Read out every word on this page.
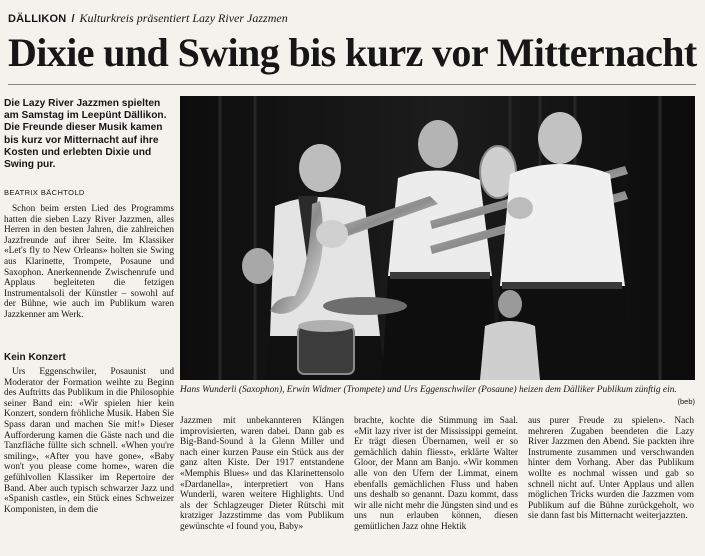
DÄLLIKON / Kulturkreis präsentiert Lazy River Jazzmen
Dixie und Swing bis kurz vor Mitternacht
Die Lazy River Jazzmen spielten am Samstag im Leepünt Dällikon. Die Freunde dieser Musik kamen bis kurz vor Mitternacht auf ihre Kosten und erlebten Dixie und Swing pur.
BEATRIX BÄCHTOLD

Schon beim ersten Lied des Programms hatten die sieben Lazy River Jazzmen, alles Herren in den besten Jahren, die zahlreichen Jazzfreunde auf ihrer Seite. Im Klassiker «Let's fly to New Orleans» holten sie Swing aus Klarinette, Trompete, Posaune und Saxophon. Anerkennende Zwischenrufe und Applaus begleiteten die fetzigen Instrumentalsoli der Künstler – sowohl auf der Bühne, wie auch im Publikum waren Jazzkenner am Werk.

Kein Konzert

Urs Eggenschwiler, Posaunist und Moderator der Formation weihte zu Beginn des Auftritts das Publikum in die Philosophie seiner Band ein: «Wir spielen hier kein Konzert, sondern fröhliche Musik. Haben Sie Spass daran und machen Sie mit!» Dieser Aufforderung kamen die Gäste nach und die Tanzfläche füllte sich schnell. «When you're smiling», «After you have gone», «Baby won't you please come home», waren die gefühlvollen Klassiker im Repertoire der Band. Aber auch typisch schwarzer Jazz und «Spanish castle», ein Stück eines Schweizer Komponisten, in dem die

Hans Wunderli (Saxophon), Erwin Widmer (Trompete) und Urs Eggenschwiler (Posaune) heizen dem Dälliker Publikum zünftig ein.
(beb)

Jazzmen mit unbekannteren Klängen improvisierten, waren dabei. Dann gab es Big-Band-Sound à la Glenn Miller und nach einer kurzen Pause ein Stück aus der ganz alten Kiste. Der 1917 entstandene «Memphis Blues» und das Klarinettensolo «Dardanella», interpretiert von Hans Wunderli, waren weitere Highlights. Und als der Schlagzeuger Dieter Rütschi mit kratziger Jazzstimme das vom Publikum gewünschte «I found you, Baby»

brachte, kochte die Stimmung im Saal. «Mit lazy river ist der Mississippi gemeint. Er trägt diesen Übernamen, weil er so gemächlich dahin fliesst», erklärte Walter Gloor, der Mann am Banjo. «Wir kommen alle von den Ufern der Limmat, einem ebenfalls gemächlichen Fluss und haben uns deshalb so genannt. Dazu kommt, dass wir alle nicht mehr die Jüngsten sind und es uns nun erlauben können, diesen gemütlichen Jazz ohne Hektik

aus purer Freude zu spielen». Nach mehreren Zugaben beendeten die Lazy River Jazzmen den Abend. Sie packten ihre Instrumente zusammen und verschwanden hinter dem Vorhang. Aber das Publikum wollte es nochmal wissen und gab so schnell nicht auf. Unter Applaus und allen möglichen Tricks wurden die Jazzmen vom Publikum auf die Bühne zurückgeholt, wo sie dann fast bis Mitternacht weiterjazzten.
